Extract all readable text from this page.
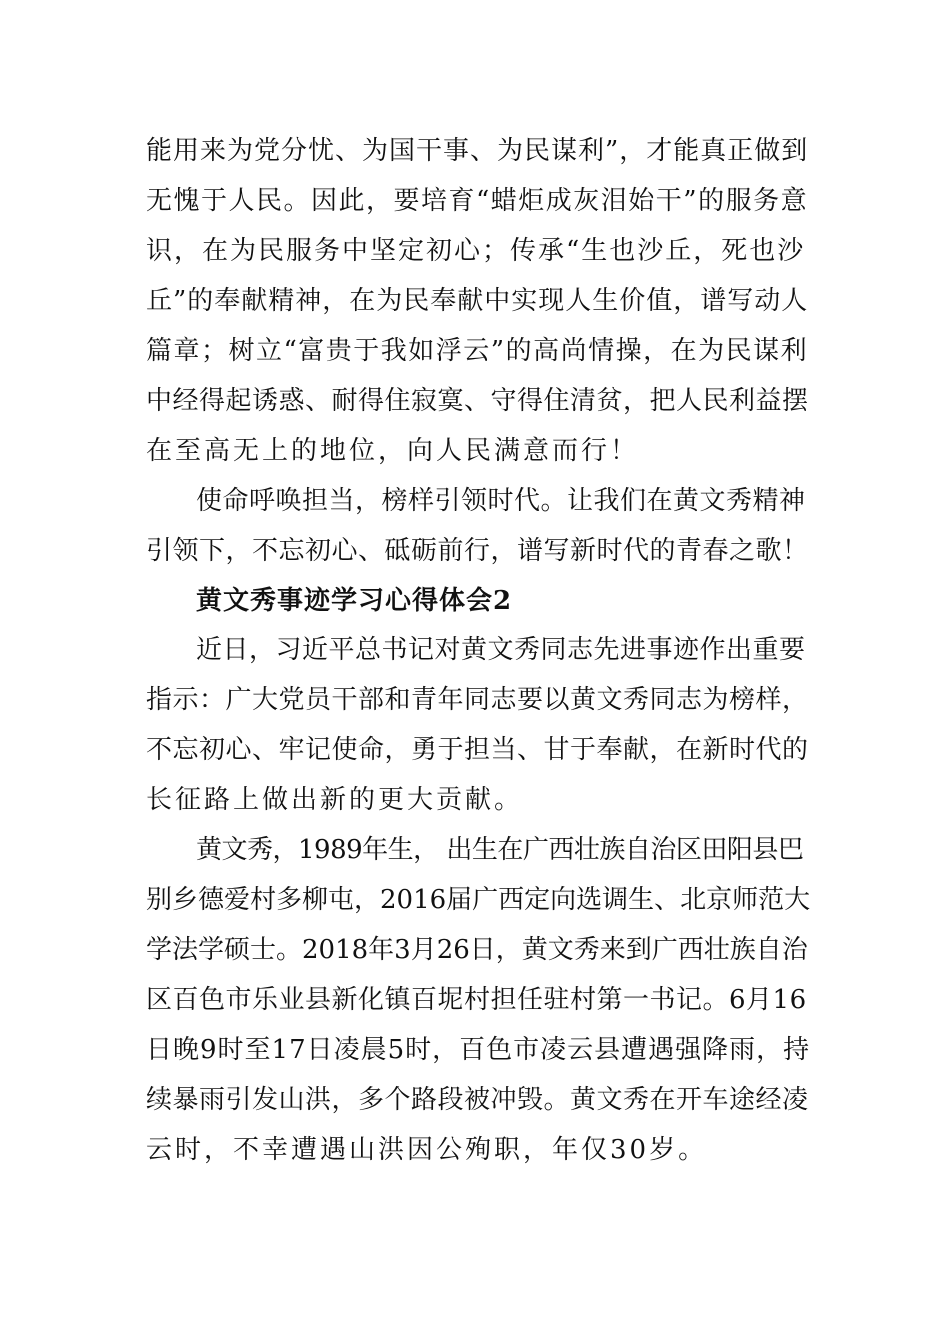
能用来为党分忧、为国干事、为民谋利”，才能真正做到
无愧于人民。因此，要培育“蜡炬成灰泪始干”的服务意
识，在为民服务中坚定初心；传承“生也沙丘，死也沙
丘”的奉献精神，在为民奉献中实现人生价值，谱写动人
篇章；树立“富贵于我如浮云”的高尚情操，在为民谋利
中经得起诱惑、耐得住寂寞、守得住清贫，把人民利益摆
在至高无上的地位，向人民满意而行！
使命呼唤担当，榜样引领时代。让我们在黄文秀精神
引领下，不忘初心、砥砺前行，谱写新时代的青春之歌！
黄文秀事迹学习心得体会2
近日，习近平总书记对黄文秀同志先进事迹作出重要
指示：广大党员干部和青年同志要以黄文秀同志为榜样，
不忘初心、牢记使命，勇于担当、甘于奉献，在新时代的
长征路上做出新的更大贡献。
黄文秀，1989年生， 出生在广西壮族自治区田阳县巴
别乡德爱村多柳屯，2016届广西定向选调生、北京师范大
学法学硕士。2018年3月26日，黄文秀来到广西壮族自治
区百色市乐业县新化镇百坭村担任驻村第一书记。6月16
日晚9时至17日凌晨5时，百色市凌云县遭遇强降雨，持
续暴雨引发山洪，多个路段被冲毁。黄文秀在开车途经凌
云时，不幸遭遇山洪因公殉职，年仅30岁。
